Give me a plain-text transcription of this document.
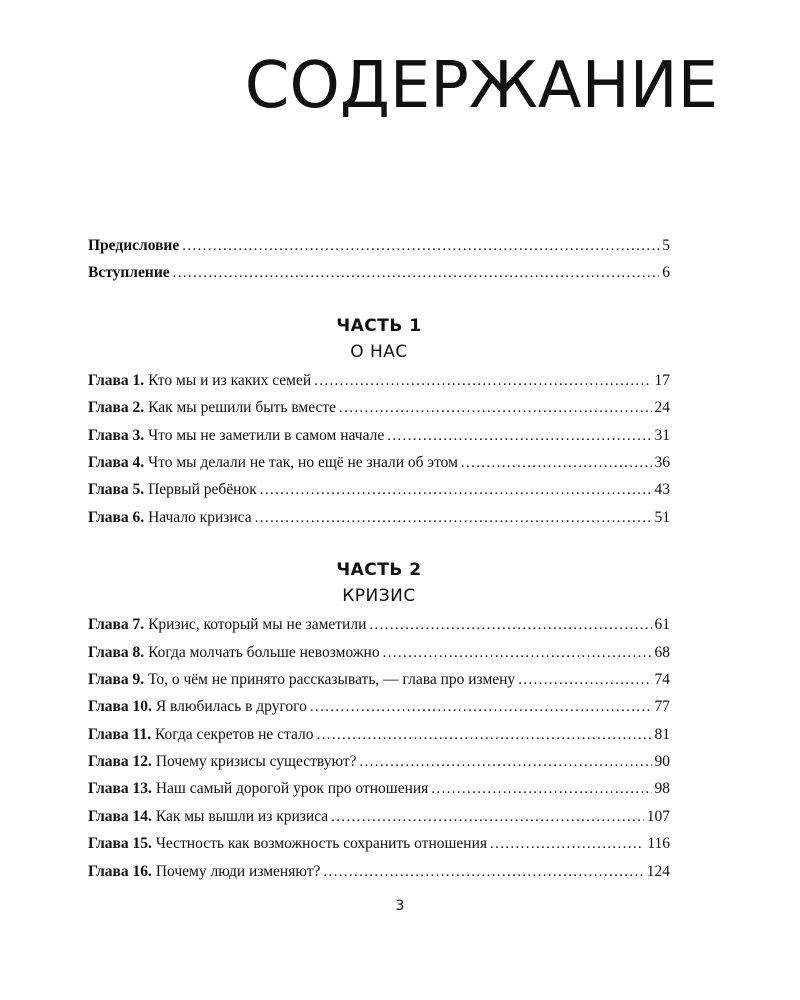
СОДЕРЖАНИЕ
Предисловие . . .	5
Вступление . . .	6
ЧАСТЬ 1
О НАС
Глава 1. Кто мы и из каких семей . . .	17
Глава 2. Как мы решили быть вместе . . .	24
Глава 3. Что мы не заметили в самом начале . . .	31
Глава 4. Что мы делали не так, но ещё не знали об этом . . .	36
Глава 5. Первый ребёнок . . .	43
Глава 6. Начало кризиса . . .	51
ЧАСТЬ 2
КРИЗИС
Глава 7. Кризис, который мы не заметили . . .	61
Глава 8. Когда молчать больше невозможно . . .	68
Глава 9. То, о чём не принято рассказывать, — глава про измену . . .	74
Глава 10. Я влюбилась в другого . . .	77
Глава 11. Когда секретов не стало . . .	81
Глава 12. Почему кризисы существуют? . . .	90
Глава 13. Наш самый дорогой урок про отношения . . .	98
Глава 14. Как мы вышли из кризиса . . .	107
Глава 15. Честность как возможность сохранить отношения . . .	116
Глава 16. Почему люди изменяют? . . .	124
3
